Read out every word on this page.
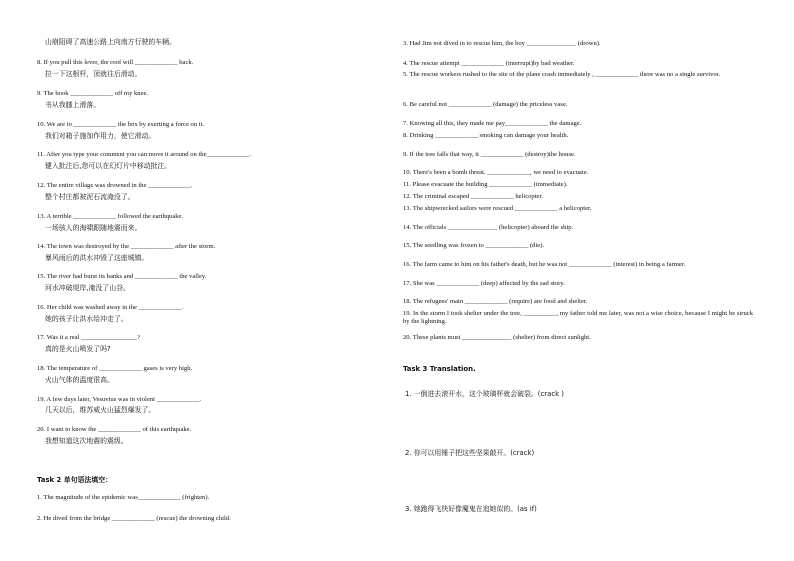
山崩阻碍了高速公路上向南方行驶的车辆。
8. If you pull this lever, the roof will _____________ back.
拉一下这根杆，顶就往后滑动。
9. The book _____________ off my knee.
书从我膝上滑落。
10. We are to _____________ the box by exerting a force on it.
我们对箱子施加作用力，使它滑动。
11. After you type your comment you can move it around on the_____________.
键入批注后,您可以在幻灯片中移动批注。
12. The entire village was drowned in the _____________.
整个村庄都被泥石流淹没了。
13. A terrible _____________ followed the earthquake.
一场骇人的海啸跟随地震而来。
14. The town was destroyed by the _____________ after the storm.
暴风雨后的洪水冲毁了这座城镇。
15. The river had burst its banks and _____________ the valley.
河水冲破堤岸,淹没了山谷。
16. Her child was washed away in the _____________.
她的孩子让洪水给冲走了。
17. Was it a real _________________?
真的是火山喷发了吗?
18. The temperature of _____________ gases is very high.
火山气体的温度很高。
19. A few days later, Vesuvius was in violent _____________.
几天以后，维苏威火山猛烈爆发了。
20. I want to know the _____________ of this earthquake.
我想知道这次地震的震级。
Task 2 单句语法填空：
1. The magnitude of the epidemic was_____________ (frighten).
2. He dived from the bridge _____________ (rescue) the drowning child.
3. Had Jim not dived in to rescue him, the boy _______________ (drown).
4. The rescue attempt _____________ (interrupt)by bad weather.
5. The rescue workers rushed to the site of the plane crash immediately , _____________ there was no a single survivor.
6. Be careful not _____________ (damage) the priceless vase.
7. Knowing all this, they made me pay_____________ the damage.
8. Drinking _____________ smoking can damage your health.
9. If the tree falls that way, it _____________ (destroy)the house.
10. There's been a bomb threat. _____________, we need to evacuate.
11. Please evacuate the building _____________ (immediate).
12. The criminal escaped _____________ helicopter.
13. The shipwrecked sailors were rescued _____________ a helicopter.
14. The officials _______________ (helicopter) aboard the ship.
15. The seedling was frozen to _____________ (die).
16. The farm came to him on his father's death, but he was not _____________ (interest) in being a farmer.
17. She was _____________ (deep) affected by the sad story.
18. The refugees' main _____________ (require) are food and shelter.
19. In the storm I took shelter under the tree, __________, my father told me later, was not a wise choice, because I might be struck by the lightning.
20. These plants must _______________ (shelter) from direct sunlight.
Task 3 Translation.
1. 一倒进去滚开水，这个玻璃杯就会破裂。(crack )
2. 你可以用锤子把这些坚果敲开。(crack)
3. 她跑得飞快好像魔鬼在追她似的。(as if)
